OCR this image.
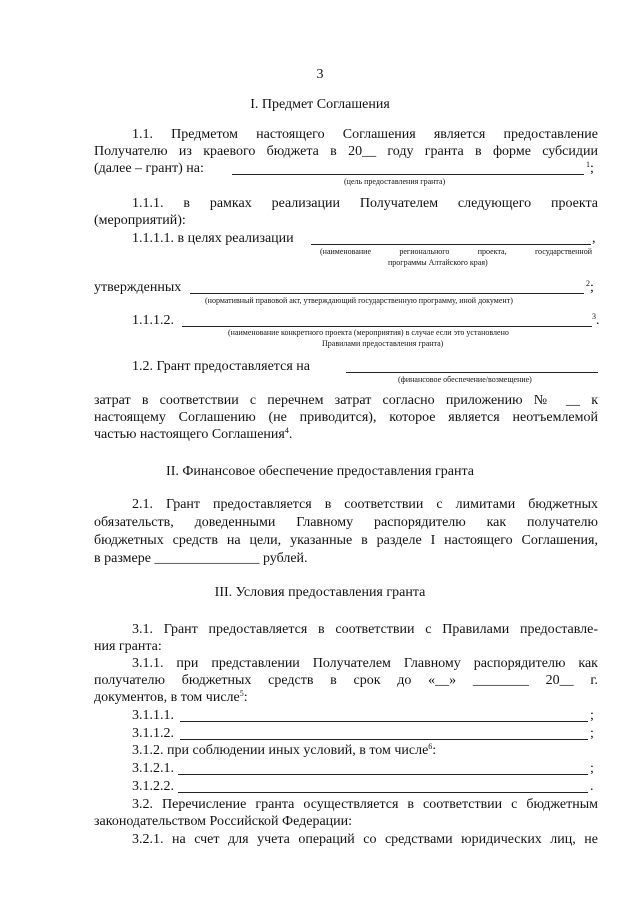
3
I. Предмет Соглашения
1.1. Предметом настоящего Соглашения является предоставление
Получателю из краевого бюджета в 20__ году гранта в форме субсидии
(далее – грант) на:	$^1$;
(цель предоставления гранта)
1.1.1. в рамках реализации Получателем следующего проекта
(мероприятий):
1.1.1.1. в целях реализации	,
(наименование регионального проекта, государственной
программы Алтайского края)
утвержденных	$^2$;
(нормативный правовой акт, утверждающий государственную программу, иной документ)
1.1.1.2.	$^3$.
(наименование конкретного проекта (мероприятия) в случае если это установлено
Правилами предоставления гранта)
1.2. Грант предоставляется на
(финансовое обеспечение/возмещение)
затрат в соответствии с перечнем затрат согласно приложению № __ к
настоящему Соглашению (не приводится), которое является неотъемлемой
частью настоящего Соглашения$^4$.
II. Финансовое обеспечение предоставления гранта
2.1. Грант предоставляется в соответствии с лимитами бюджетных
обязательств, доведенными Главному распорядителю как получателю
бюджетных средств на цели, указанные в разделе I настоящего Соглашения,
в размере _______________ рублей.
III. Условия предоставления гранта
3.1. Грант предоставляется в соответствии с Правилами предоставле-
ния гранта:
3.1.1. при представлении Получателем Главному распорядителю как
получателю бюджетных средств в срок до «__» ________ 20__ г.
документов, в том числе$^5$:
3.1.1.1.	;
3.1.1.2.	;
3.1.2. при соблюдении иных условий, в том числе$^6$:
3.1.2.1.	;
3.1.2.2.	.
3.2. Перечисление гранта осуществляется в соответствии с бюджетным
законодательством Российской Федерации:
3.2.1. на счет для учета операций со средствами юридических лиц, не
